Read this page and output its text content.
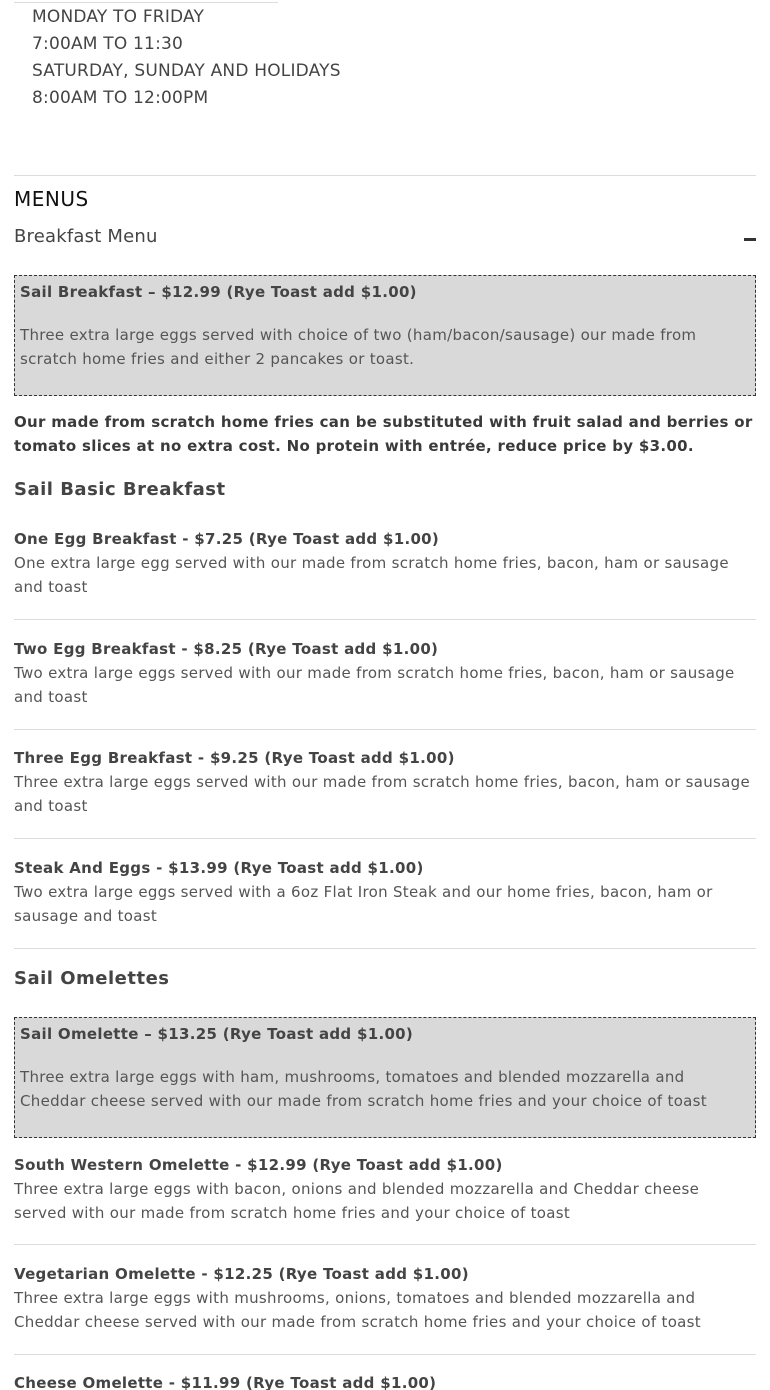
MONDAY TO FRIDAY
7:00AM TO 11:30
SATURDAY, SUNDAY AND HOLIDAYS
8:00AM TO 12:00PM
MENUS
Breakfast Menu
Sail Breakfast – $12.99 (Rye Toast add $1.00)
Three extra large eggs served with choice of two (ham/bacon/sausage) our made from scratch home fries and either 2 pancakes or toast.
Our made from scratch home fries can be substituted with fruit salad and berries or tomato slices at no extra cost. No protein with entrée, reduce price by $3.00.
Sail Basic Breakfast
One Egg Breakfast - $7.25 (Rye Toast add $1.00)
One extra large egg served with our made from scratch home fries, bacon, ham or sausage and toast
Two Egg Breakfast - $8.25 (Rye Toast add $1.00)
Two extra large eggs served with our made from scratch home fries, bacon, ham or sausage and toast
Three Egg Breakfast - $9.25 (Rye Toast add $1.00)
Three extra large eggs served with our made from scratch home fries, bacon, ham or sausage and toast
Steak And Eggs - $13.99 (Rye Toast add $1.00)
Two extra large eggs served with a 6oz Flat Iron Steak and our home fries, bacon, ham or sausage and toast
Sail Omelettes
Sail Omelette – $13.25 (Rye Toast add $1.00)
Three extra large eggs with ham, mushrooms, tomatoes and blended mozzarella and Cheddar cheese served with our made from scratch home fries and your choice of toast
South Western Omelette - $12.99 (Rye Toast add $1.00)
Three extra large eggs with bacon, onions and blended mozzarella and Cheddar cheese served with our made from scratch home fries and your choice of toast
Vegetarian Omelette - $12.25 (Rye Toast add $1.00)
Three extra large eggs with mushrooms, onions, tomatoes and blended mozzarella and Cheddar cheese served with our made from scratch home fries and your choice of toast
Cheese Omelette - $11.99 (Rye Toast add $1.00)
